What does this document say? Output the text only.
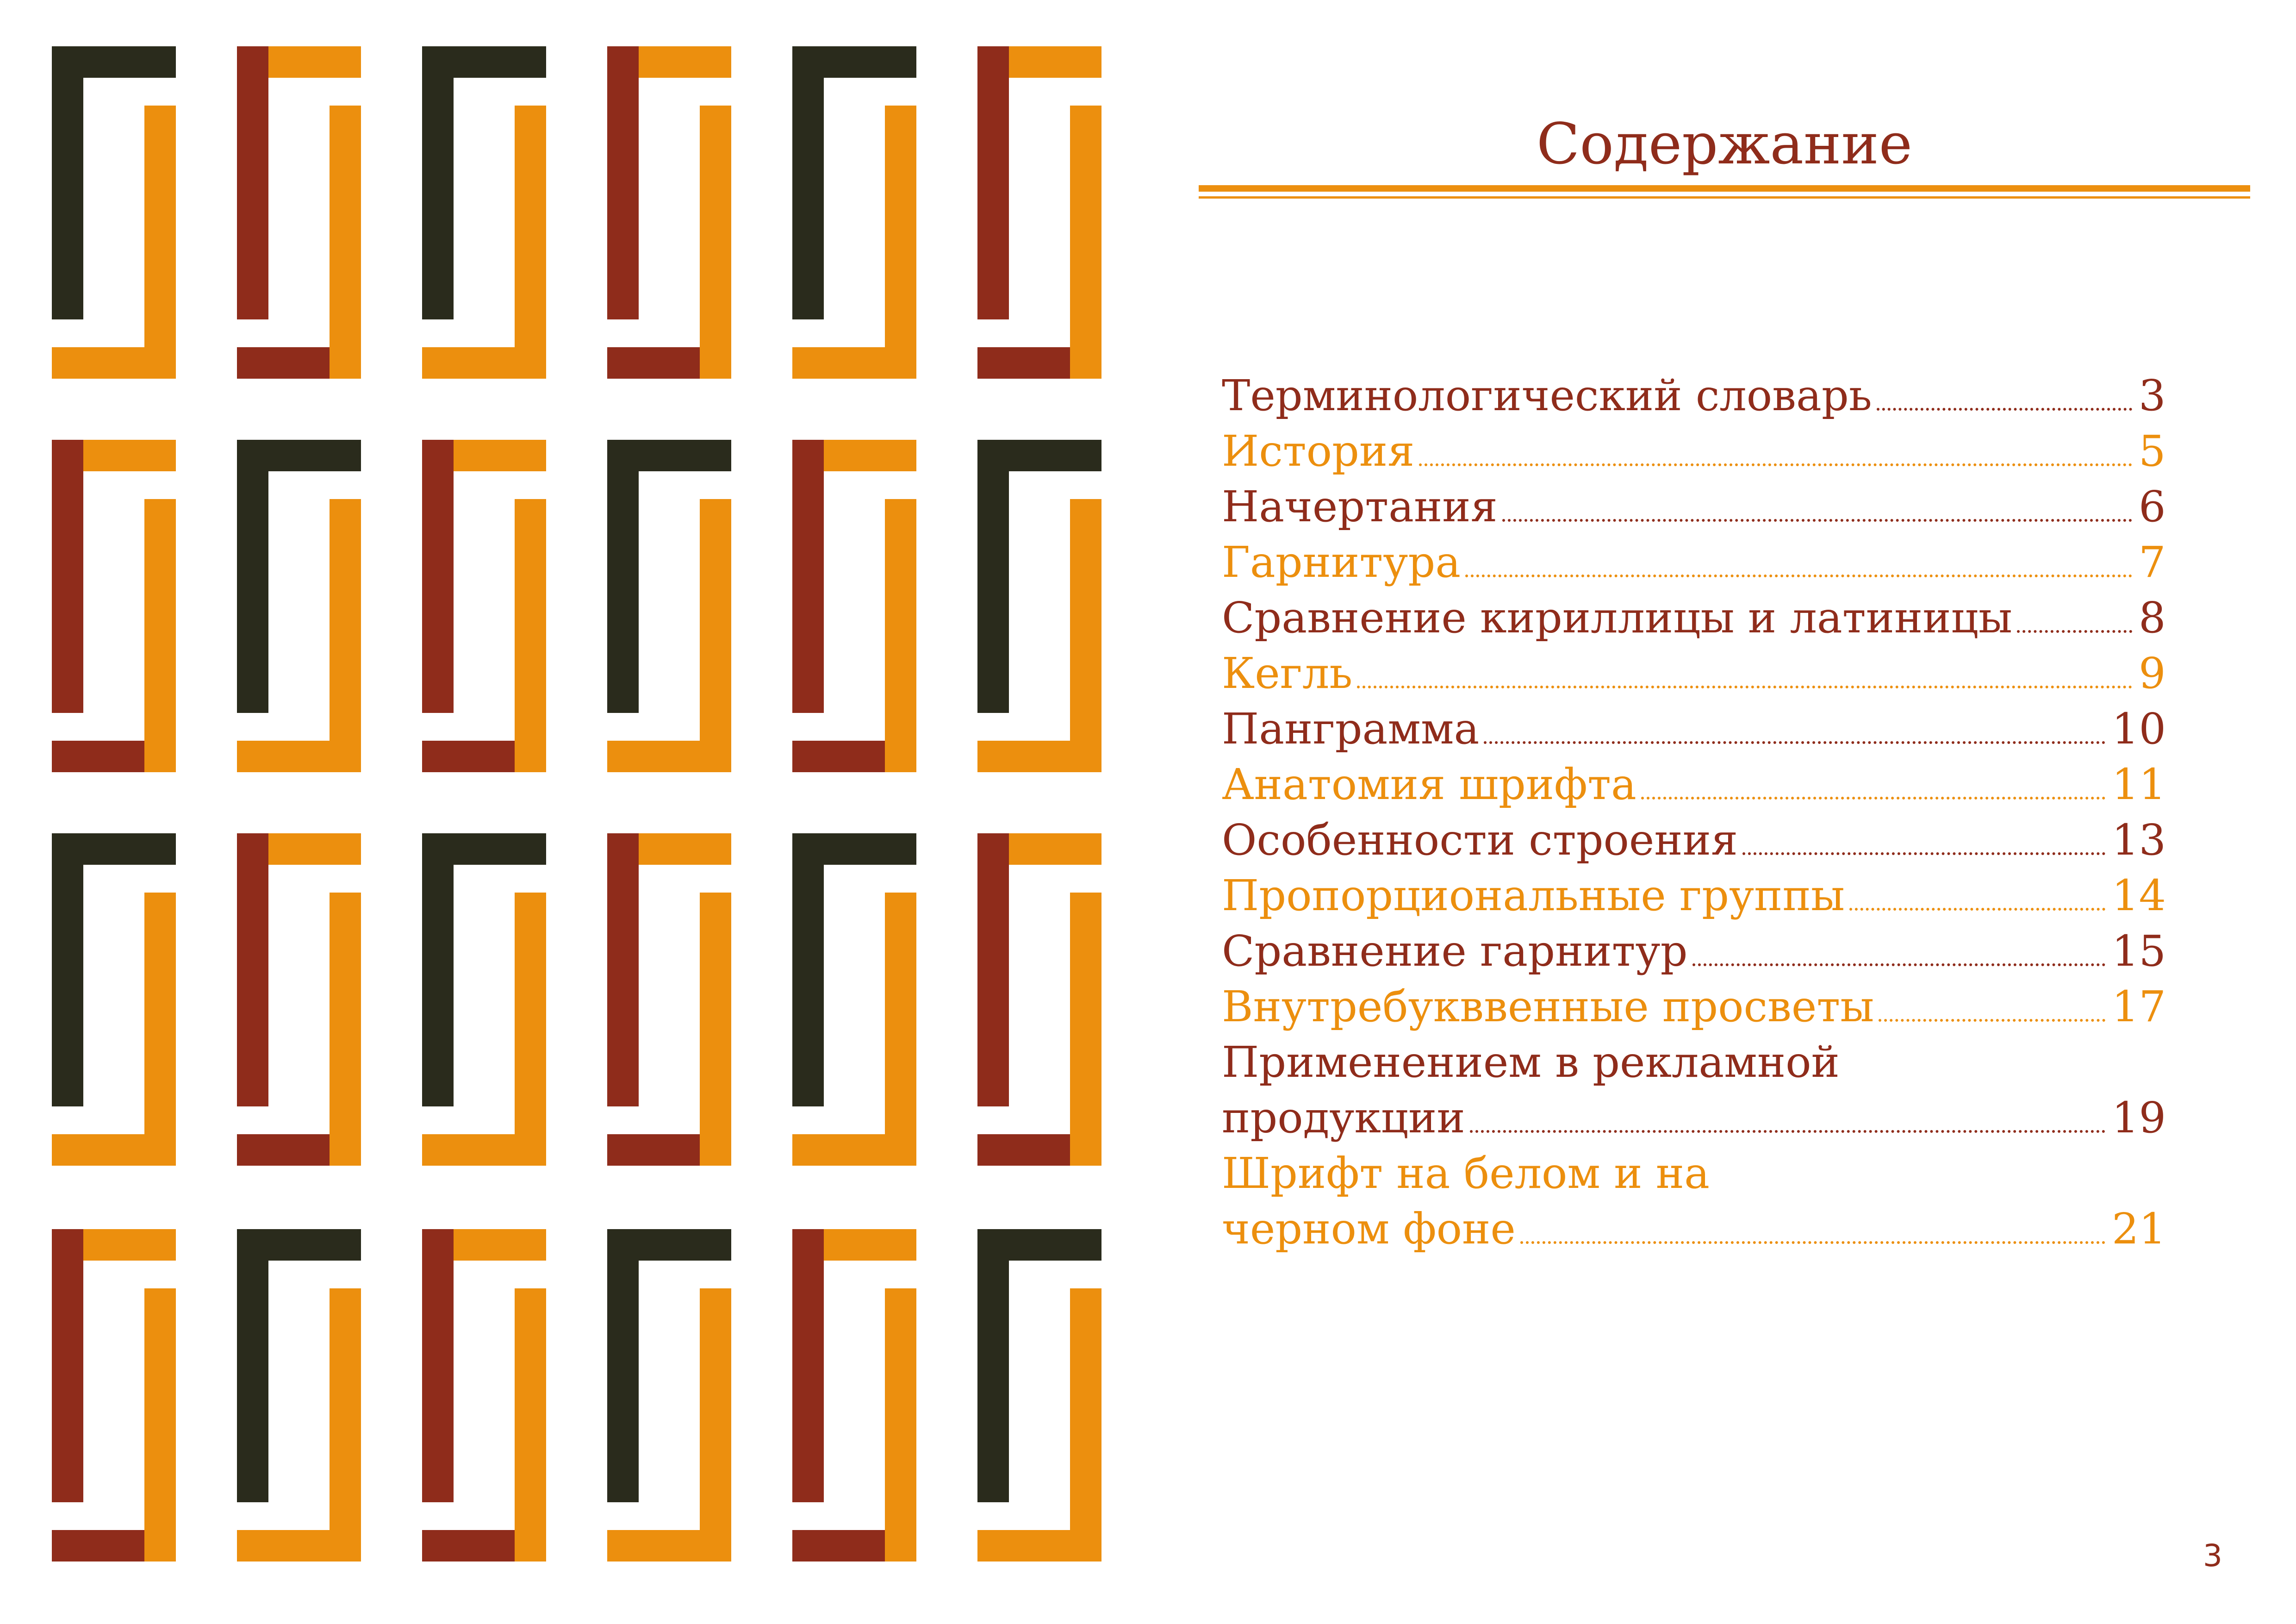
Содержание
Терминологический словарь	3
История	5
Начертания	6
Гарнитура	7
Сравнение кириллицы и латиницы	8
Кегль	9
Панграмма	10
Анатомия шрифта	11
Особенности строения	13
Пропорциональные группы	14
Сравнение гарнитур	15
Внутребукввенные просветы	17
Применением в рекламной
продукции	19
Шрифт на белом и на
черном фоне	21
3
